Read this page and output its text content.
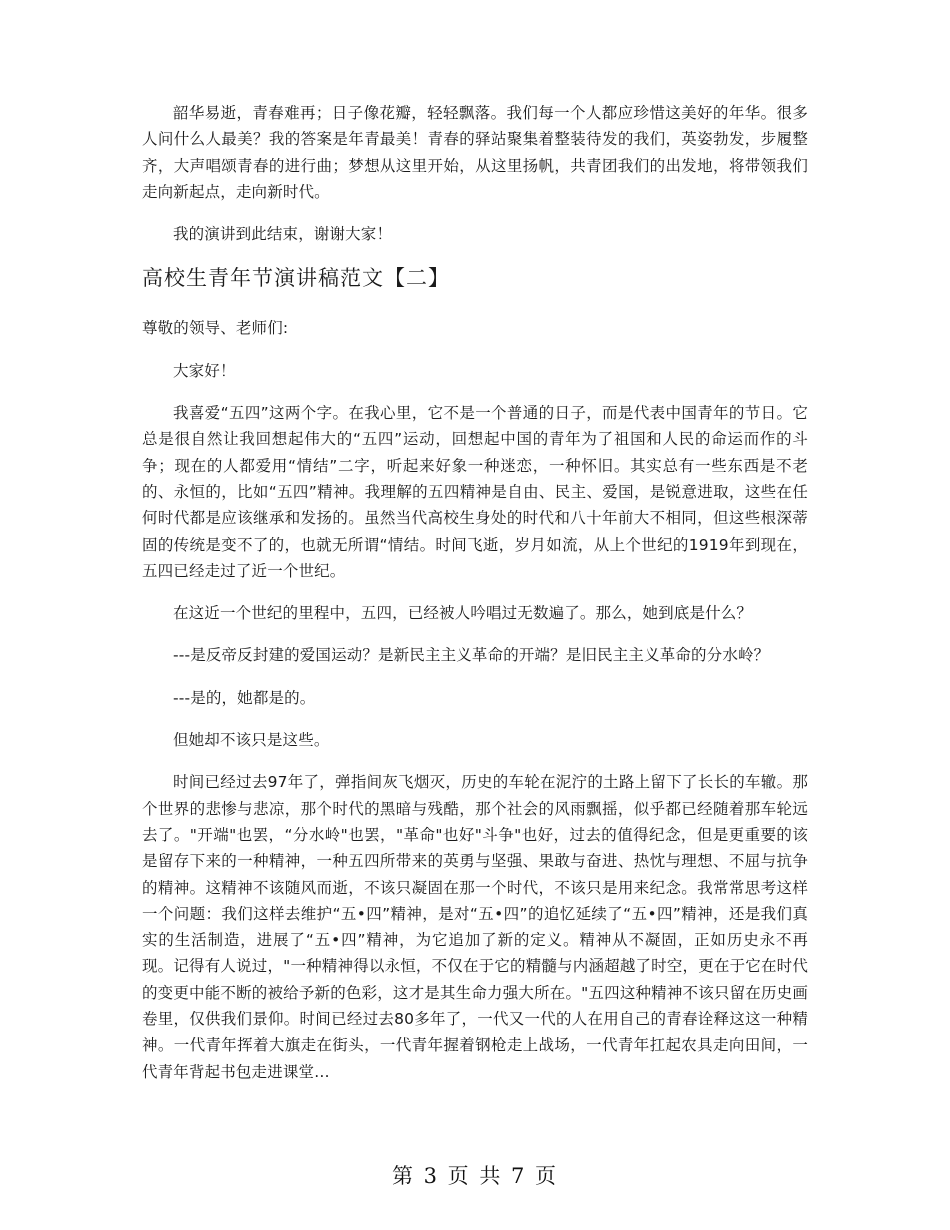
韶华易逝，青春难再；日子像花瓣，轻轻飘落。我们每一个人都应珍惜这美好的年华。很多人问什么人最美？我的答案是年青最美！青春的驿站聚集着整装待发的我们，英姿勃发，步履整齐，大声唱颂青春的进行曲；梦想从这里开始，从这里扬帆，共青团我们的出发地，将带领我们走向新起点，走向新时代。

我的演讲到此结束，谢谢大家！

高校生青年节演讲稿范文【二】

尊敬的领导、老师们:

大家好！

我喜爱“五四”这两个字。在我心里，它不是一个普通的日子，而是代表中国青年的节日。它总是很自然让我回想起伟大的“五四”运动，回想起中国的青年为了祖国和人民的命运而作的斗争；现在的人都爱用“情结”二字，听起来好象一种迷恋，一种怀旧。其实总有一些东西是不老的、永恒的，比如“五四”精神。我理解的五四精神是自由、民主、爱国，是锐意进取，这些在任何时代都是应该继承和发扬的。虽然当代高校生身处的时代和八十年前大不相同，但这些根深蒂固的传统是变不了的，也就无所谓“情结。时间飞逝，岁月如流，从上个世纪的1919年到现在，五四已经走过了近一个世纪。

在这近一个世纪的里程中，五四，已经被人吟唱过无数遍了。那么，她到底是什么？

---是反帝反封建的爱国运动？是新民主主义革命的开端？是旧民主主义革命的分水岭？

---是的，她都是的。

但她却不该只是这些。

时间已经过去97年了，弹指间灰飞烟灭，历史的车轮在泥泞的土路上留下了长长的车辙。那个世界的悲惨与悲凉，那个时代的黑暗与残酷，那个社会的风雨飘摇，似乎都已经随着那车轮远去了。"开端"也罢，“分水岭"也罢，"革命"也好"斗争"也好，过去的值得纪念，但是更重要的该是留存下来的一种精神，一种五四所带来的英勇与坚强、果敢与奋进、热忱与理想、不屈与抗争的精神。这精神不该随风而逝，不该只凝固在那一个时代，不该只是用来纪念。我常常思考这样一个问题：我们这样去维护“五•四”精神，是对“五•四”的追忆延续了“五•四”精神，还是我们真实的生活制造，进展了“五•四”精神，为它追加了新的定义。精神从不凝固，正如历史永不再现。记得有人说过，"一种精神得以永恒，不仅在于它的精髓与内涵超越了时空，更在于它在时代的变更中能不断的被给予新的色彩，这才是其生命力强大所在。"五四这种精神不该只留在历史画卷里，仅供我们景仰。时间已经过去80多年了，一代又一代的人在用自己的青春诠释这这一种精神。一代青年挥着大旗走在街头，一代青年握着钢枪走上战场，一代青年扛起农具走向田间，一代青年背起书包走进课堂…

第 3 页 共 7 页
